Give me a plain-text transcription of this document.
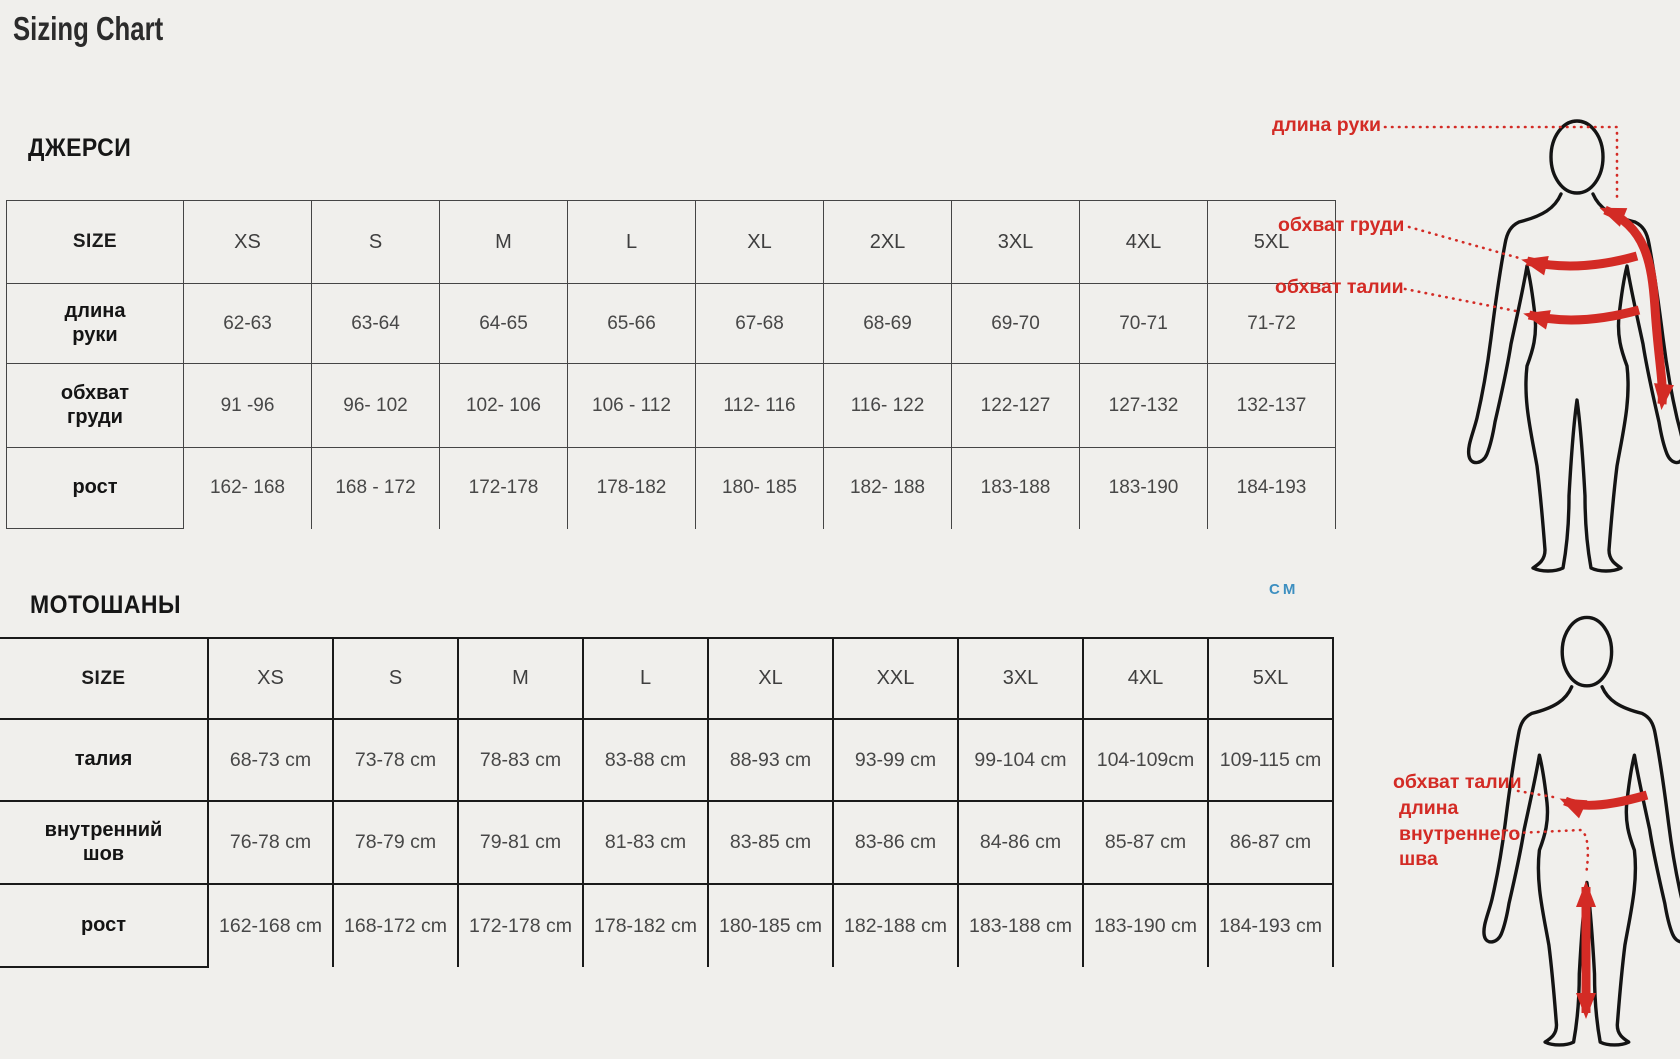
Sizing Chart
ДЖЕРСИ
МОТОШАНЫ
CM
SIZE	XS	S	M	L	XL	2XL	3XL	4XL	5XL
длина руки	62-63	63-64	64-65	65-66	67-68	68-69	69-70	70-71	71-72
обхват груди	91 -96	96- 102	102- 106	106 - 112	112- 116	116- 122	122-127	127-132	132-137
рост	162- 168	168 - 172	172-178	178-182	180- 185	182- 188	183-188	183-190	184-193
SIZE	XS	S	M	L	XL	XXL	3XL	4XL	5XL
талия	68-73 cm	73-78 cm	78-83 cm	83-88 cm	88-93 cm	93-99 cm	99-104 cm	104-109cm	109-115 cm
внутренний шов	76-78 cm	78-79 cm	79-81 cm	81-83 cm	83-85 cm	83-86 cm	84-86 cm	85-87 cm	86-87 cm
рост	162-168 cm	168-172 cm	172-178 cm	178-182 cm	180-185 cm	182-188 cm	183-188 cm	183-190 cm	184-193 cm
длина руки
обхват груди
обхват талии
обхват талии
длина внутреннего шва
